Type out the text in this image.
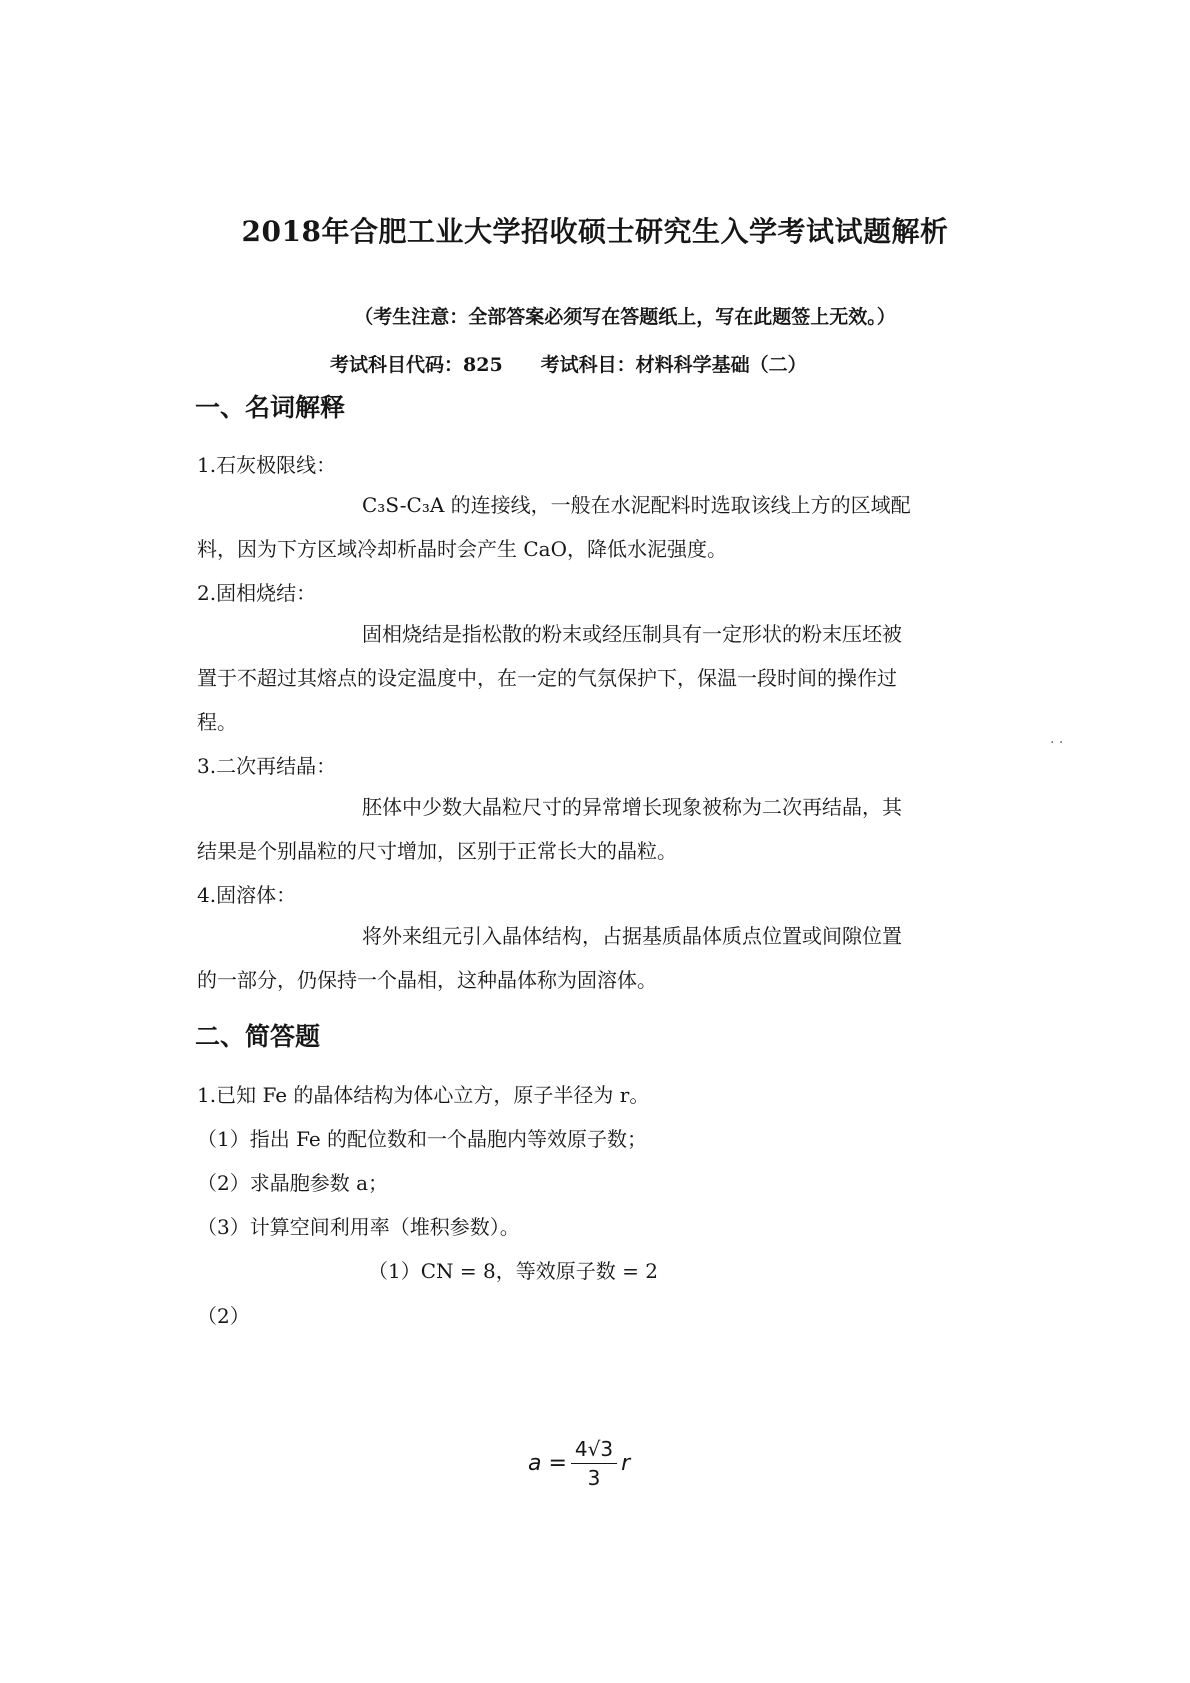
2018年合肥工业大学招收硕士研究生入学考试试题解析
（考生注意：全部答案必须写在答题纸上，写在此题签上无效。）
考试科目代码：825 考试科目：材料科学基础（二）
一、名词解释
1.石灰极限线：
C₃S-C₃A 的连接线，一般在水泥配料时选取该线上方的区域配
料，因为下方区域冷却析晶时会产生 CaO，降低水泥强度。
2.固相烧结：
固相烧结是指松散的粉末或经压制具有一定形状的粉末压坯被
置于不超过其熔点的设定温度中，在一定的气氛保护下，保温一段时间的操作过
程。
3.二次再结晶：
胚体中少数大晶粒尺寸的异常增长现象被称为二次再结晶，其
结果是个别晶粒的尺寸增加，区别于正常长大的晶粒。
4.固溶体：
将外来组元引入晶体结构，占据基质晶体质点位置或间隙位置
的一部分，仍保持一个晶相，这种晶体称为固溶体。
二、简答题
1.已知 Fe 的晶体结构为体心立方，原子半径为 r。
（1）指出 Fe 的配位数和一个晶胞内等效原子数；
（2）求晶胞参数 a；
（3）计算空间利用率（堆积参数）。
（1）CN = 8，等效原子数 = 2
（2）
$a = \frac{4√3}{3}$ r
· ·
